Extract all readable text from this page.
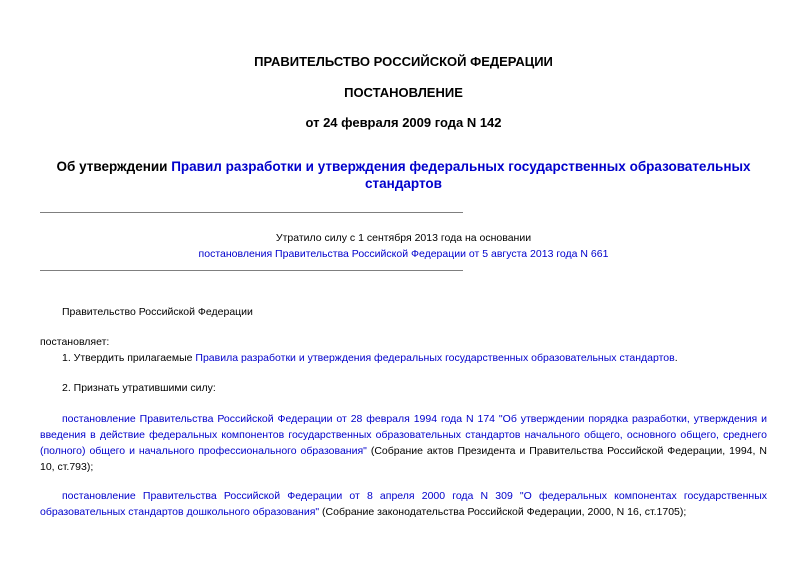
ПРАВИТЕЛЬСТВО РОССИЙСКОЙ ФЕДЕРАЦИИ
ПОСТАНОВЛЕНИЕ
от 24 февраля 2009 года N 142
Об утверждении Правил разработки и утверждения федеральных государственных образовательных стандартов
Утратило силу с 1 сентября 2013 года на основании
постановления Правительства Российской Федерации от 5 августа 2013 года N 661
Правительство Российской Федерации
постановляет:
1. Утвердить прилагаемые Правила разработки и утверждения федеральных государственных образовательных стандартов.
2. Признать утратившими силу:
постановление Правительства Российской Федерации от 28 февраля 1994 года N 174 "Об утверждении порядка разработки, утверждения и введения в действие федеральных компонентов государственных образовательных стандартов начального общего, основного общего, среднего (полного) общего и начального профессионального образования" (Собрание актов Президента и Правительства Российской Федерации, 1994, N 10, ст.793);
постановление Правительства Российской Федерации от 8 апреля 2000 года N 309 "О федеральных компонентах государственных образовательных стандартов дошкольного образования" (Собрание законодательства Российской Федерации, 2000, N 16, ст.1705);
